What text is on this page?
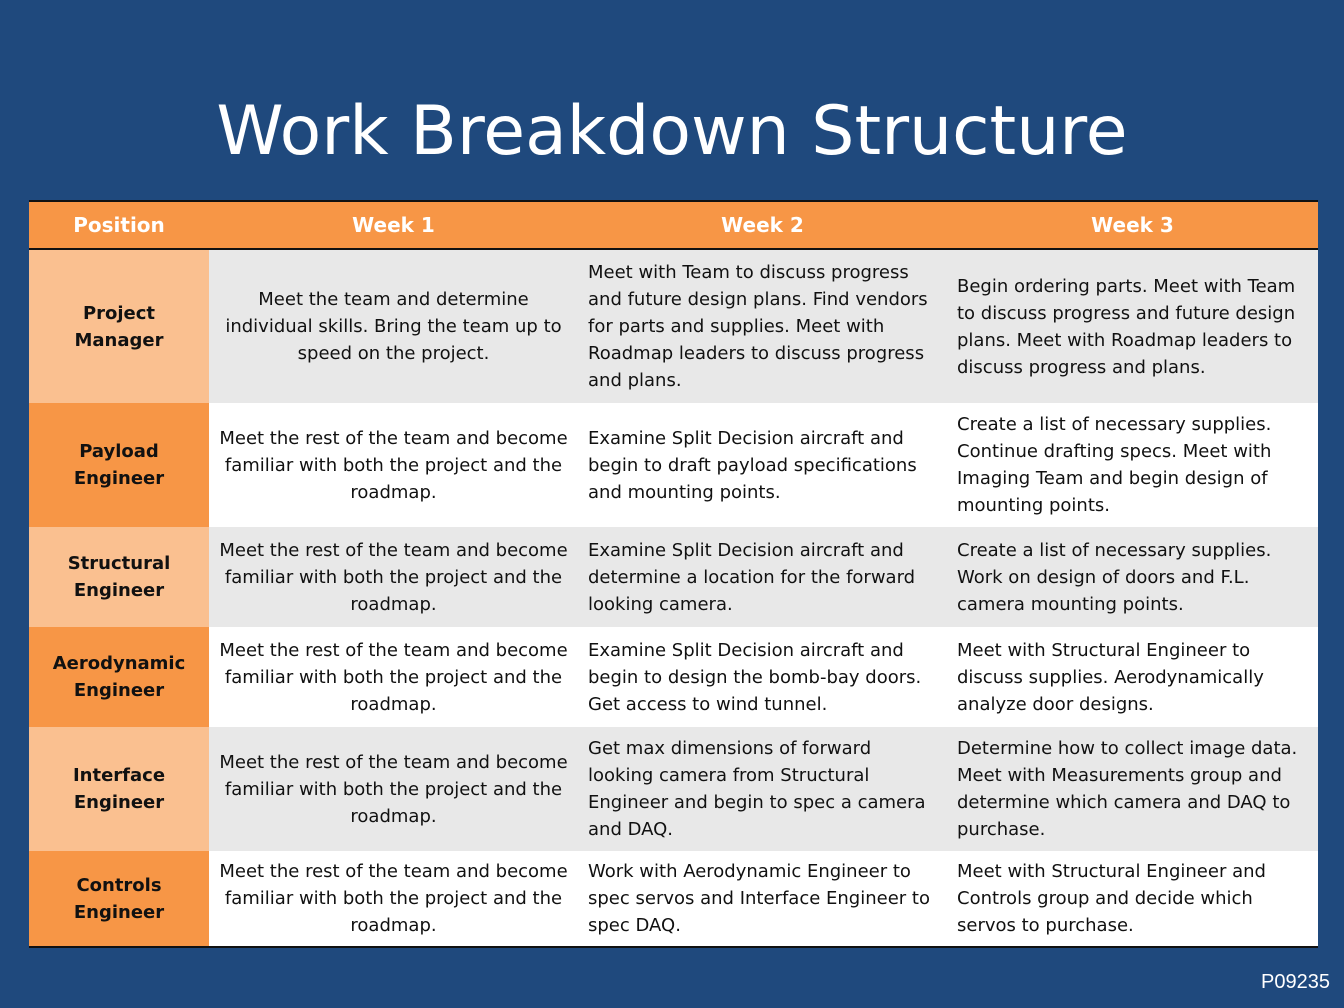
Work Breakdown Structure
Position	Week 1	Week 2	Week 3
Project Manager	Meet the team and determine individual skills. Bring the team up to speed on the project.	Meet with Team to discuss progress and future design plans. Find vendors for parts and supplies. Meet with Roadmap leaders to discuss progress and plans.	Begin ordering parts. Meet with Team to discuss progress and future design plans. Meet with Roadmap leaders to discuss progress and plans.
Payload Engineer	Meet the rest of the team and become familiar with both the project and the roadmap.	Examine Split Decision aircraft and begin to draft payload specifications and mounting points.	Create a list of necessary supplies. Continue drafting specs. Meet with Imaging Team and begin design of mounting points.
Structural Engineer	Meet the rest of the team and become familiar with both the project and the roadmap.	Examine Split Decision aircraft and determine a location for the forward looking camera.	Create a list of necessary supplies. Work on design of doors and F.L. camera mounting points.
Aerodynamic Engineer	Meet the rest of the team and become familiar with both the project and the roadmap.	Examine Split Decision aircraft and begin to design the bomb-bay doors. Get access to wind tunnel.	Meet with Structural Engineer to discuss supplies. Aerodynamically analyze door designs.
Interface Engineer	Meet the rest of the team and become familiar with both the project and the roadmap.	Get max dimensions of forward looking camera from Structural Engineer and begin to spec a camera and DAQ.	Determine how to collect image data. Meet with Measurements group and determine which camera and DAQ to purchase.
Controls Engineer	Meet the rest of the team and become familiar with both the project and the roadmap.	Work with Aerodynamic Engineer to spec servos and Interface Engineer to spec DAQ.	Meet with Structural Engineer and Controls group and decide which servos to purchase.
P09235
